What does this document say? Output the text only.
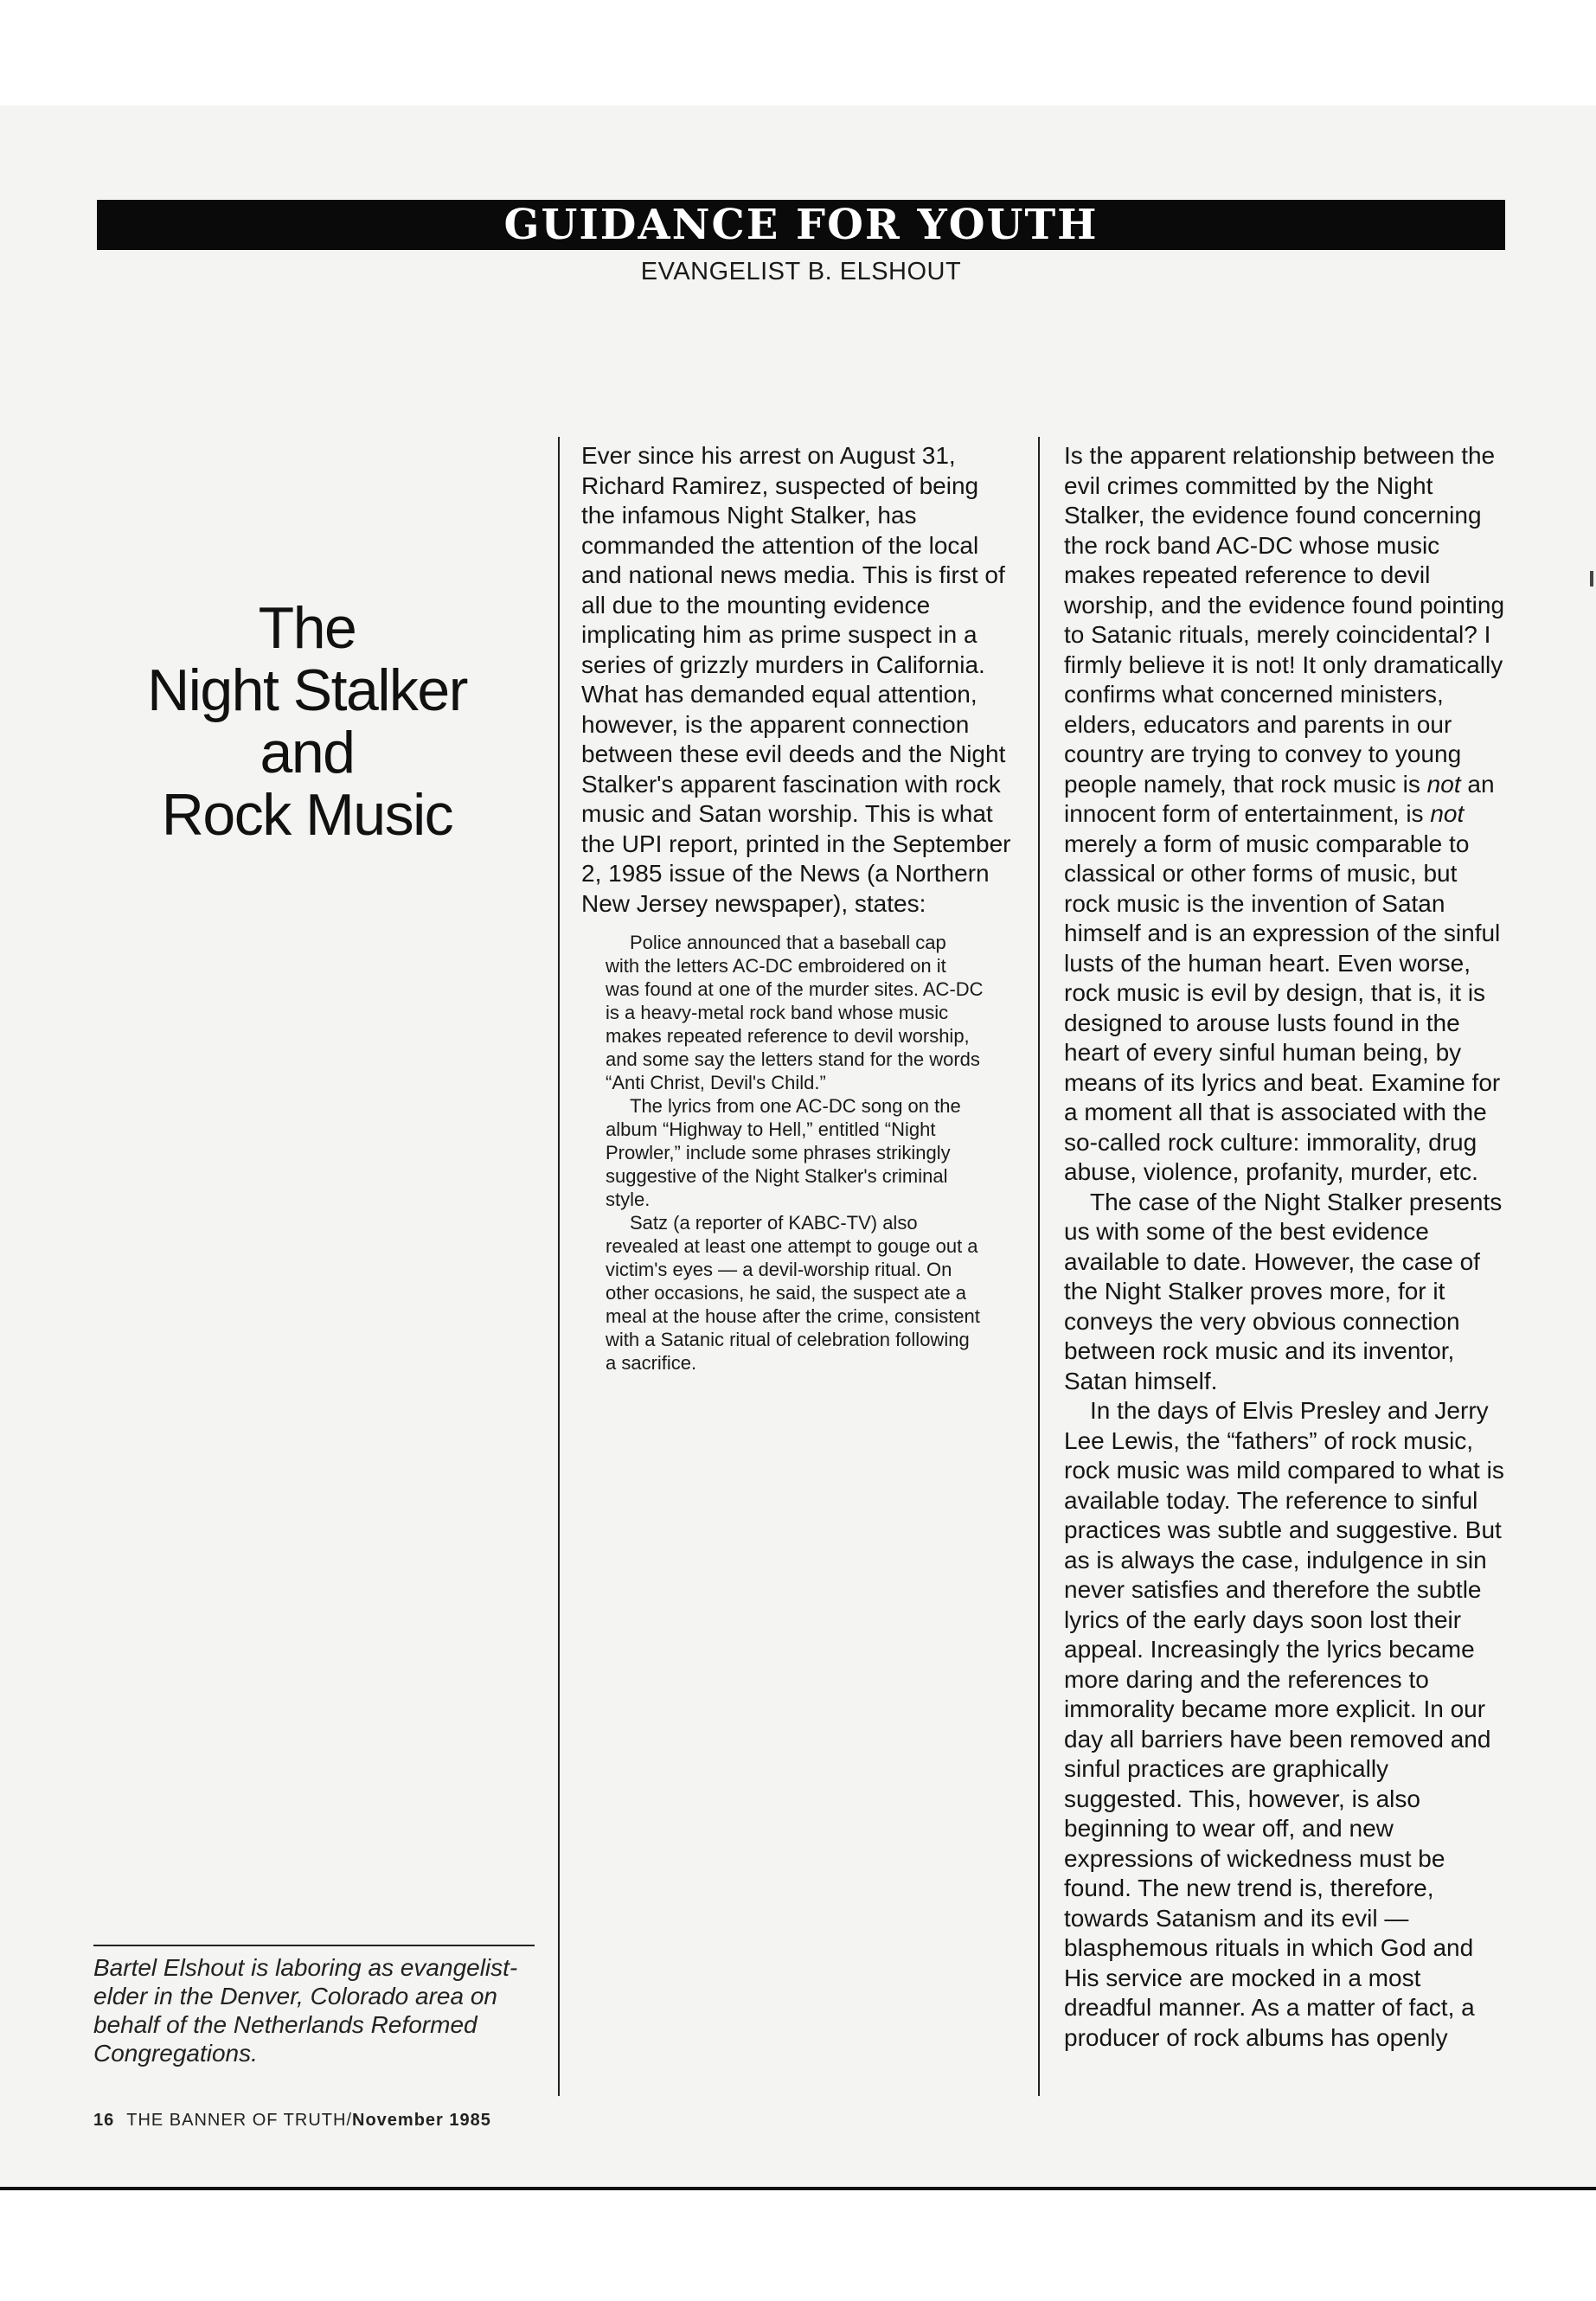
GUIDANCE FOR YOUTH
EVANGELIST B. ELSHOUT
The
Night Stalker
and
Rock Music

Ever since his arrest on August 31, Richard Ramirez, suspected of being the infamous Night Stalker, has commanded the attention of the local and national news media. This is first of all due to the mounting evidence implicating him as prime suspect in a series of grizzly murders in California. What has demanded equal attention, however, is the apparent connection between these evil deeds and the Night Stalker's apparent fascination with rock music and Satan worship. This is what the UPI report, printed in the September 2, 1985 issue of the News (a Northern New Jersey newspaper), states:

Police announced that a baseball cap with the letters AC-DC embroidered on it was found at one of the murder sites. AC-DC is a heavy-metal rock band whose music makes repeated reference to devil worship, and some say the letters stand for the words “Anti Christ, Devil's Child.”

The lyrics from one AC-DC song on the album “Highway to Hell,” entitled “Night Prowler,” include some phrases strikingly suggestive of the Night Stalker's criminal style.

Satz (a reporter of KABC-TV) also revealed at least one attempt to gouge out a victim's eyes — a devil-worship ritual. On other occasions, he said, the suspect ate a meal at the house after the crime, consistent with a Satanic ritual of celebration following a sacrifice.

Is the apparent relationship between the evil crimes committed by the Night Stalker, the evidence found concerning the rock band AC-DC whose music makes repeated reference to devil worship, and the evidence found pointing to Satanic rituals, merely coincidental? I firmly believe it is not! It only dramatically confirms what concerned ministers, elders, educators and parents in our country are trying to convey to young people namely, that rock music is not an innocent form of entertainment, is not merely a form of music comparable to classical or other forms of music, but rock music is the invention of Satan himself and is an expression of the sinful lusts of the human heart. Even worse, rock music is evil by design, that is, it is designed to arouse lusts found in the heart of every sinful human being, by means of its lyrics and beat. Examine for a moment all that is associated with the so-called rock culture: immorality, drug abuse, violence, profanity, murder, etc.

The case of the Night Stalker presents us with some of the best evidence available to date. However, the case of the Night Stalker proves more, for it conveys the very obvious connection between rock music and its inventor, Satan himself.

In the days of Elvis Presley and Jerry Lee Lewis, the “fathers” of rock music, rock music was mild compared to what is available today. The reference to sinful practices was subtle and suggestive. But as is always the case, indulgence in sin never satisfies and therefore the subtle lyrics of the early days soon lost their appeal. Increasingly the lyrics became more daring and the references to immorality became more explicit. In our day all barriers have been removed and sinful practices are graphically suggested. This, however, is also beginning to wear off, and new expressions of wickedness must be found. The new trend is, therefore, towards Satanism and its evil — blasphemous rituals in which God and His service are mocked in a most dreadful manner. As a matter of fact, a producer of rock albums has openly

Bartel Elshout is laboring as evangelist-elder in the Denver, Colorado area on behalf of the Netherlands Reformed Congregations.
16 THE BANNER OF TRUTH/November 1985
